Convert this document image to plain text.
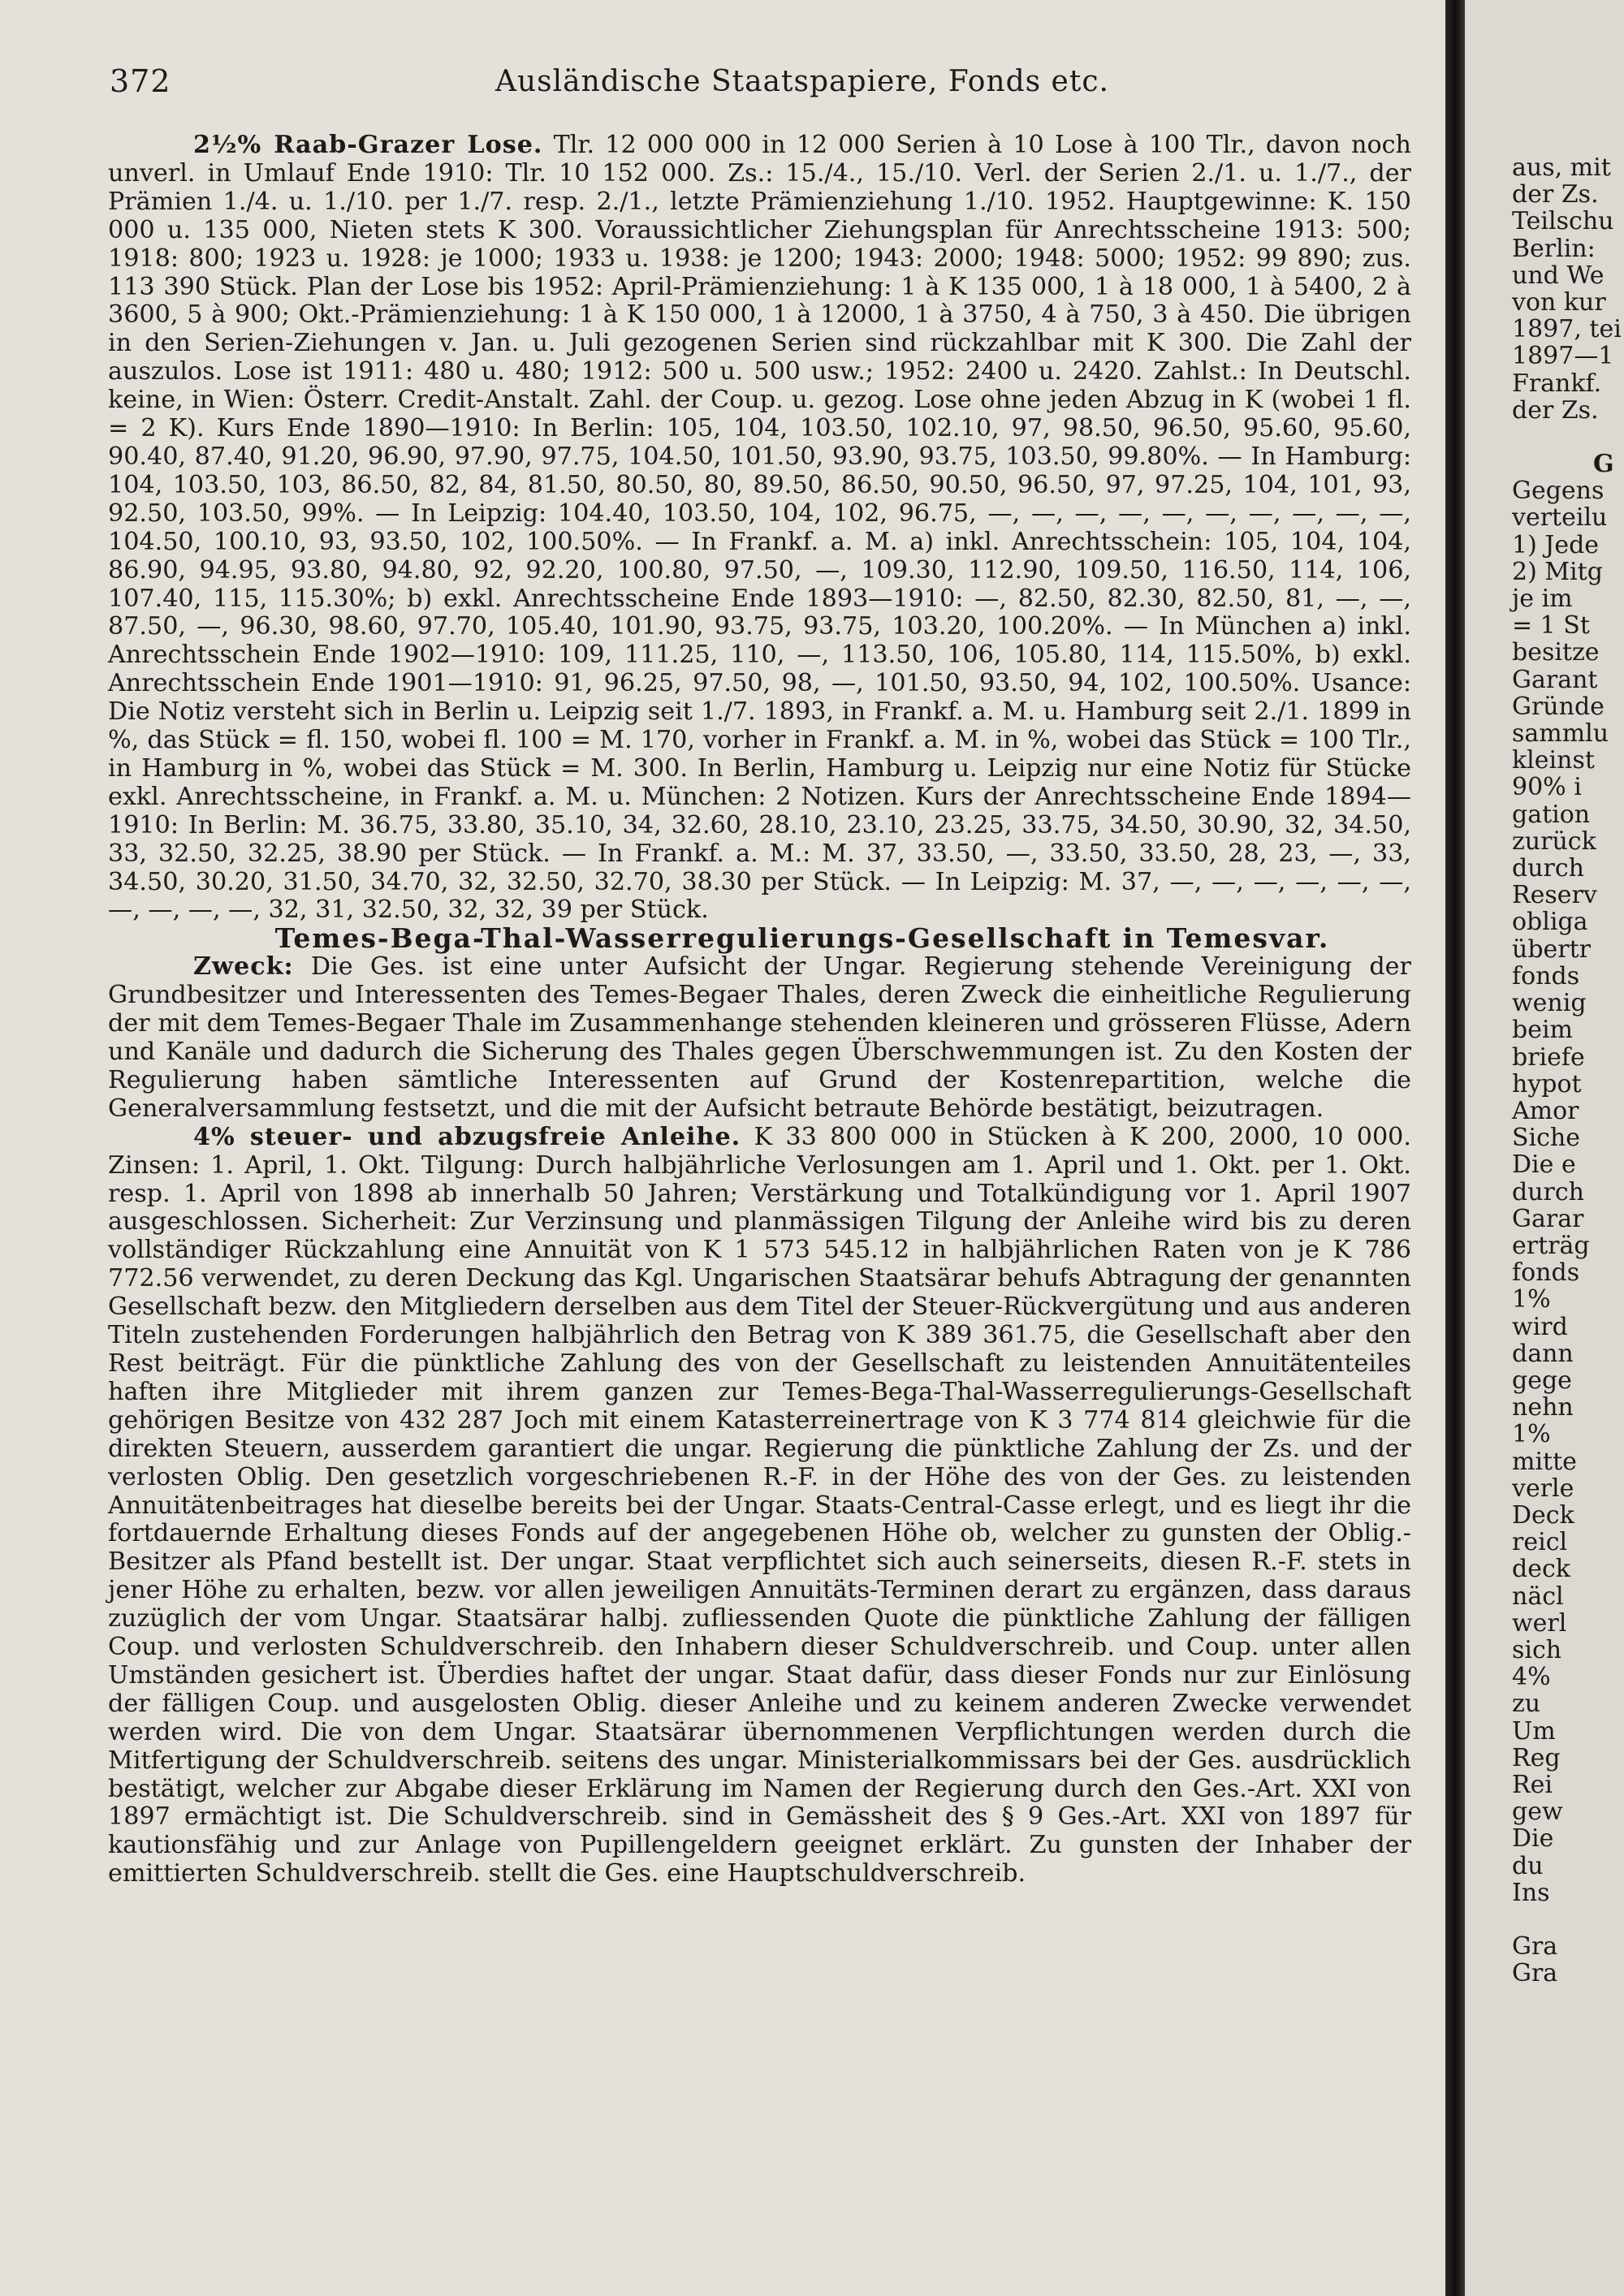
372	Ausländische Staatspapiere, Fonds etc.

2½% Raab-Grazer Lose. Tlr. 12 000 000 in 12 000 Serien à 10 Lose à 100 Tlr., davon noch unverl. in Umlauf Ende 1910: Tlr. 10 152 000. Zs.: 15./4., 15./10. Verl. der Serien 2./1. u. 1./7., der Prämien 1./4. u. 1./10. per 1./7. resp. 2./1., letzte Prämienziehung 1./10. 1952. Hauptgewinne: K. 150 000 u. 135 000, Nieten stets K 300. Voraussichtlicher Ziehungsplan für Anrechtsscheine 1913: 500; 1918: 800; 1923 u. 1928: je 1000; 1933 u. 1938: je 1200; 1943: 2000; 1948: 5000; 1952: 99 890; zus. 113 390 Stück. Plan der Lose bis 1952: April-Prämienziehung: 1 à K 135 000, 1 à 18 000, 1 à 5400, 2 à 3600, 5 à 900; Okt.-Prämienziehung: 1 à K 150 000, 1 à 12000, 1 à 3750, 4 à 750, 3 à 450. Die übrigen in den Serien-Ziehungen v. Jan. u. Juli gezogenen Serien sind rückzahlbar mit K 300. Die Zahl der auszulos. Lose ist 1911: 480 u. 480; 1912: 500 u. 500 usw.; 1952: 2400 u. 2420. Zahlst.: In Deutschl. keine, in Wien: Österr. Credit-Anstalt. Zahl. der Coup. u. gezog. Lose ohne jeden Abzug in K (wobei 1 fl. = 2 K). Kurs Ende 1890—1910: In Berlin: 105, 104, 103.50, 102.10, 97, 98.50, 96.50, 95.60, 95.60, 90.40, 87.40, 91.20, 96.90, 97.90, 97.75, 104.50, 101.50, 93.90, 93.75, 103.50, 99.80%. — In Hamburg: 104, 103.50, 103, 86.50, 82, 84, 81.50, 80.50, 80, 89.50, 86.50, 90.50, 96.50, 97, 97.25, 104, 101, 93, 92.50, 103.50, 99%. — In Leipzig: 104.40, 103.50, 104, 102, 96.75, —, —, —, —, —, —, —, —, —, —, 104.50, 100.10, 93, 93.50, 102, 100.50%. — In Frankf. a. M. a) inkl. Anrechtsschein: 105, 104, 104, 86.90, 94.95, 93.80, 94.80, 92, 92.20, 100.80, 97.50, —, 109.30, 112.90, 109.50, 116.50, 114, 106, 107.40, 115, 115.30%; b) exkl. Anrechtsscheine Ende 1893—1910: —, 82.50, 82.30, 82.50, 81, —, —, 87.50, —, 96.30, 98.60, 97.70, 105.40, 101.90, 93.75, 93.75, 103.20, 100.20%. — In München a) inkl. Anrechtsschein Ende 1902—1910: 109, 111.25, 110, —, 113.50, 106, 105.80, 114, 115.50%, b) exkl. Anrechtsschein Ende 1901—1910: 91, 96.25, 97.50, 98, —, 101.50, 93.50, 94, 102, 100.50%. Usance: Die Notiz versteht sich in Berlin u. Leipzig seit 1./7. 1893, in Frankf. a. M. u. Hamburg seit 2./1. 1899 in %, das Stück = fl. 150, wobei fl. 100 = M. 170, vorher in Frankf. a. M. in %, wobei das Stück = 100 Tlr., in Hamburg in %, wobei das Stück = M. 300. In Berlin, Hamburg u. Leipzig nur eine Notiz für Stücke exkl. Anrechtsscheine, in Frankf. a. M. u. München: 2 Notizen. Kurs der Anrechtsscheine Ende 1894—1910: In Berlin: M. 36.75, 33.80, 35.10, 34, 32.60, 28.10, 23.10, 23.25, 33.75, 34.50, 30.90, 32, 34.50, 33, 32.50, 32.25, 38.90 per Stück. — In Frankf. a. M.: M. 37, 33.50, —, 33.50, 33.50, 28, 23, —, 33, 34.50, 30.20, 31.50, 34.70, 32, 32.50, 32.70, 38.30 per Stück. — In Leipzig: M. 37, —, —, —, —, —, —, —, —, —, —, 32, 31, 32.50, 32, 32, 39 per Stück.

Temes-Bega-Thal-Wasserregulierungs-Gesellschaft in Temesvar.

Zweck: Die Ges. ist eine unter Aufsicht der Ungar. Regierung stehende Vereinigung der Grundbesitzer und Interessenten des Temes-Begaer Thales, deren Zweck die einheitliche Regulierung der mit dem Temes-Begaer Thale im Zusammenhange stehenden kleineren und grösseren Flüsse, Adern und Kanäle und dadurch die Sicherung des Thales gegen Überschwemmungen ist. Zu den Kosten der Regulierung haben sämtliche Interessenten auf Grund der Kostenrepartition, welche die Generalversammlung festsetzt, und die mit der Aufsicht betraute Behörde bestätigt, beizutragen.

4% steuer- und abzugsfreie Anleihe. K 33 800 000 in Stücken à K 200, 2000, 10 000. Zinsen: 1. April, 1. Okt. Tilgung: Durch halbjährliche Verlosungen am 1. April und 1. Okt. per 1. Okt. resp. 1. April von 1898 ab innerhalb 50 Jahren; Verstärkung und Totalkündigung vor 1. April 1907 ausgeschlossen. Sicherheit: Zur Verzinsung und planmässigen Tilgung der Anleihe wird bis zu deren vollständiger Rückzahlung eine Annuität von K 1 573 545.12 in halbjährlichen Raten von je K 786 772.56 verwendet, zu deren Deckung das Kgl. Ungarischen Staatsärar behufs Abtragung der genannten Gesellschaft bezw. den Mitgliedern derselben aus dem Titel der Steuer-Rückvergütung und aus anderen Titeln zustehenden Forderungen halbjährlich den Betrag von K 389 361.75, die Gesellschaft aber den Rest beiträgt. Für die pünktliche Zahlung des von der Gesellschaft zu leistenden Annuitätenteiles haften ihre Mitglieder mit ihrem ganzen zur Temes-Bega-Thal-Wasserregulierungs-Gesellschaft gehörigen Besitze von 432 287 Joch mit einem Katasterreinertrage von K 3 774 814 gleichwie für die direkten Steuern, ausserdem garantiert die ungar. Regierung die pünktliche Zahlung der Zs. und der verlosten Oblig. Den gesetzlich vorgeschriebenen R.-F. in der Höhe des von der Ges. zu leistenden Annuitätenbeitrages hat dieselbe bereits bei der Ungar. Staats-Central-Casse erlegt, und es liegt ihr die fortdauernde Erhaltung dieses Fonds auf der angegebenen Höhe ob, welcher zu gunsten der Oblig.-Besitzer als Pfand bestellt ist. Der ungar. Staat verpflichtet sich auch seinerseits, diesen R.-F. stets in jener Höhe zu erhalten, bezw. vor allen jeweiligen Annuitäts-Terminen derart zu ergänzen, dass daraus zuzüglich der vom Ungar. Staatsärar halbj. zufliessenden Quote die pünktliche Zahlung der fälligen Coup. und verlosten Schuldverschreib. den Inhabern dieser Schuldverschreib. und Coup. unter allen Umständen gesichert ist. Überdies haftet der ungar. Staat dafür, dass dieser Fonds nur zur Einlösung der fälligen Coup. und ausgelosten Oblig. dieser Anleihe und zu keinem anderen Zwecke verwendet werden wird. Die von dem Ungar. Staatsärar übernommenen Verpflichtungen werden durch die Mitfertigung der Schuldverschreib. seitens des ungar. Ministerialkommissars bei der Ges. ausdrücklich bestätigt, welcher zur Abgabe dieser Erklärung im Namen der Regierung durch den Ges.-Art. XXI von 1897 ermächtigt ist. Die Schuldverschreib. sind in Gemässheit des § 9 Ges.-Art. XXI von 1897 für kautionsfähig und zur Anlage von Pupillengeldern geeignet erklärt. Zu gunsten der Inhaber der emittierten Schuldverschreib. stellt die Ges. eine Hauptschuldverschreib.

aus, mit
der Zs.
Teilschu
Berlin:
und We
von kur
1897, tei
1897—1
Frankf.
der Zs.
G
Gegens
verteilu
1) Jede
2) Mitg
je im
= 1 St
besitze
Garant
Gründe
sammlu
kleinst
90% i
gation
zurück
durch
Reserv
obliga
übertr
fonds
wenig
beim
briefe
hypot
Amor
Siche
Die e
durch
Garar
erträg
fonds
1%
wird
dann
gege
nehn
1%
mitte
verle
Deck
reicl
deck
näcl
werl
sich
4%
zu
Um
Reg
Rei
gew
Die
du
Ins

Gra
Gra
